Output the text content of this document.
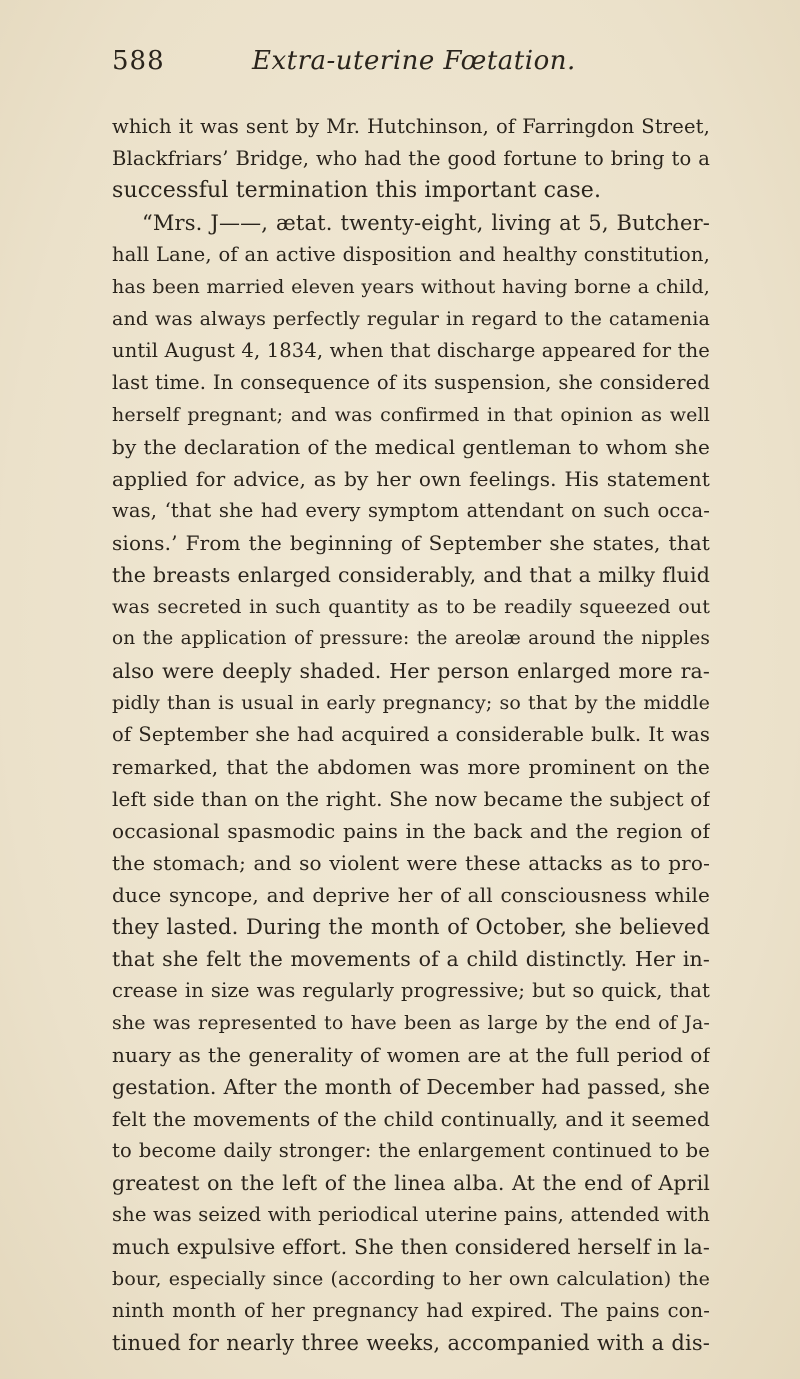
588	Extra-uterine Fœtation.
which it was sent by Mr. Hutchinson, of Farringdon Street,
Blackfriars’ Bridge, who had the good fortune to bring to a
successful termination this important case.
“Mrs. J——, ætat. twenty-eight, living at 5, Butcher-
hall Lane, of an active disposition and healthy constitution,
has been married eleven years without having borne a child,
and was always perfectly regular in regard to the catamenia
until August 4, 1834, when that discharge appeared for the
last time. In consequence of its suspension, she considered
herself pregnant; and was confirmed in that opinion as well
by the declaration of the medical gentleman to whom she
applied for advice, as by her own feelings. His statement
was, ‘that she had every symptom attendant on such occa-
sions.’ From the beginning of September she states, that
the breasts enlarged considerably, and that a milky fluid
was secreted in such quantity as to be readily squeezed out
on the application of pressure: the areolæ around the nipples
also were deeply shaded. Her person enlarged more ra-
pidly than is usual in early pregnancy; so that by the middle
of September she had acquired a considerable bulk. It was
remarked, that the abdomen was more prominent on the
left side than on the right. She now became the subject of
occasional spasmodic pains in the back and the region of
the stomach; and so violent were these attacks as to pro-
duce syncope, and deprive her of all consciousness while
they lasted. During the month of October, she believed
that she felt the movements of a child distinctly. Her in-
crease in size was regularly progressive; but so quick, that
she was represented to have been as large by the end of Ja-
nuary as the generality of women are at the full period of
gestation. After the month of December had passed, she
felt the movements of the child continually, and it seemed
to become daily stronger: the enlargement continued to be
greatest on the left of the linea alba. At the end of April
she was seized with periodical uterine pains, attended with
much expulsive effort. She then considered herself in la-
bour, especially since (according to her own calculation) the
ninth month of her pregnancy had expired. The pains con-
tinued for nearly three weeks, accompanied with a dis-
